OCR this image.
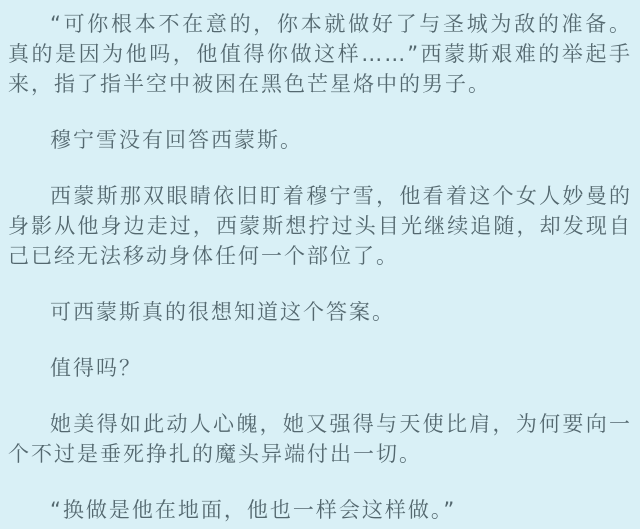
“可你根本不在意的，你本就做好了与圣城为敌的准备。真的是因为他吗，他值得你做这样……”西蒙斯艰难的举起手来，指了指半空中被困在黑色芒星烙中的男子。

穆宁雪没有回答西蒙斯。

西蒙斯那双眼睛依旧盯着穆宁雪，他看着这个女人妙曼的身影从他身边走过，西蒙斯想拧过头目光继续追随，却发现自己已经无法移动身体任何一个部位了。

可西蒙斯真的很想知道这个答案。

值得吗？

她美得如此动人心魄，她又强得与天使比肩，为何要向一个不过是垂死挣扎的魔头异端付出一切。

“换做是他在地面，他也一样会这样做。”
